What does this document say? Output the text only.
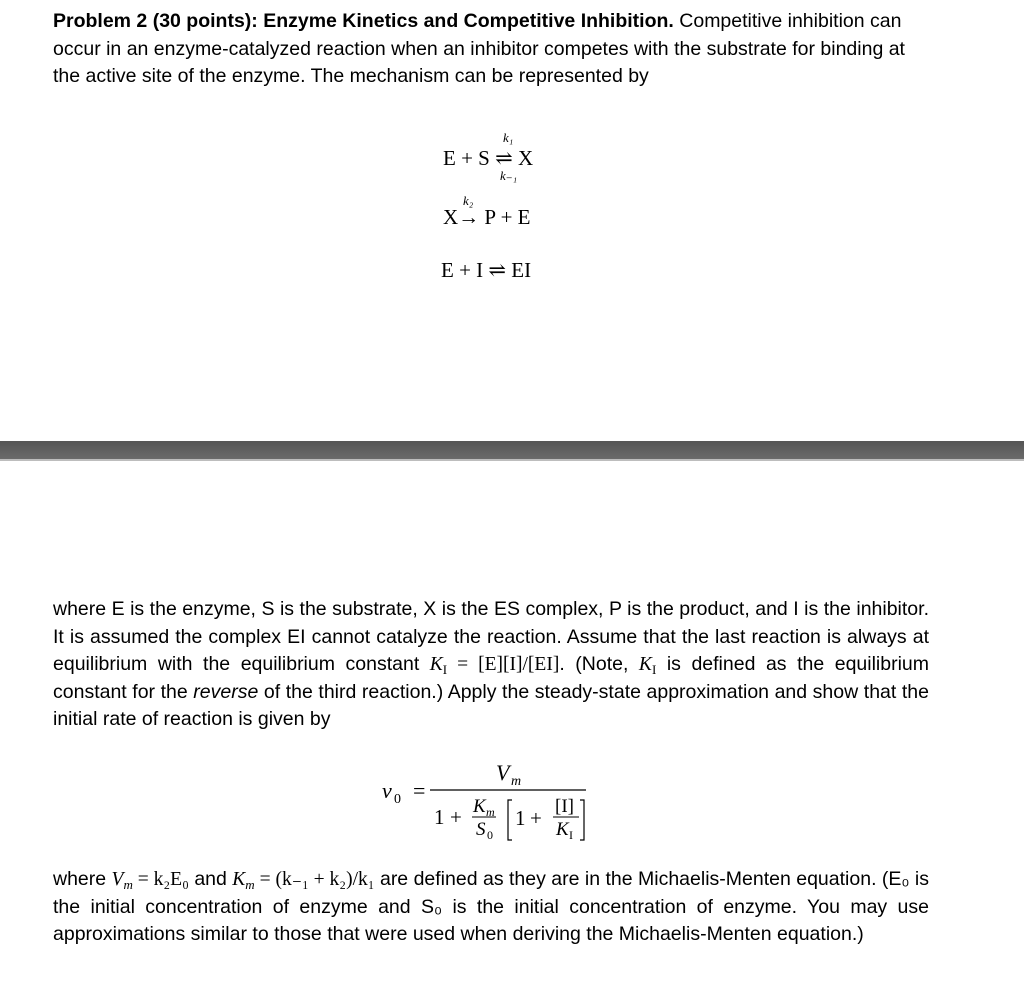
Problem 2 (30 points): Enzyme Kinetics and Competitive Inhibition. Competitive inhibition can occur in an enzyme-catalyzed reaction when an inhibitor competes with the substrate for binding at the active site of the enzyme. The mechanism can be represented by
E + S ⇌ X
k₁
k₋₁
X→ P + E
k₂
E + I ⇌ EI
where E is the enzyme, S is the substrate, X is the ES complex, P is the product, and I is the inhibitor. It is assumed the complex EI cannot catalyze the reaction. Assume that the last reaction is always at equilibrium with the equilibrium constant $K_I = [E][I]/[EI]$. (Note, $K_I$ is defined as the equilibrium constant for the reverse of the third reaction.) Apply the steady-state approximation and show that the initial rate of reaction is given by
v 0 =
V m
1 + K m
S 0
1 + [I]
K I
where $V_m = k_2E_0$ and $K_m = (k_{-1} + k_2)/k_1$ are defined as they are in the Michaelis-Menten equation. (E₀ is the initial concentration of enzyme and S₀ is the initial concentration of enzyme. You may use approximations similar to those that were used when deriving the Michaelis-Menten equation.)
